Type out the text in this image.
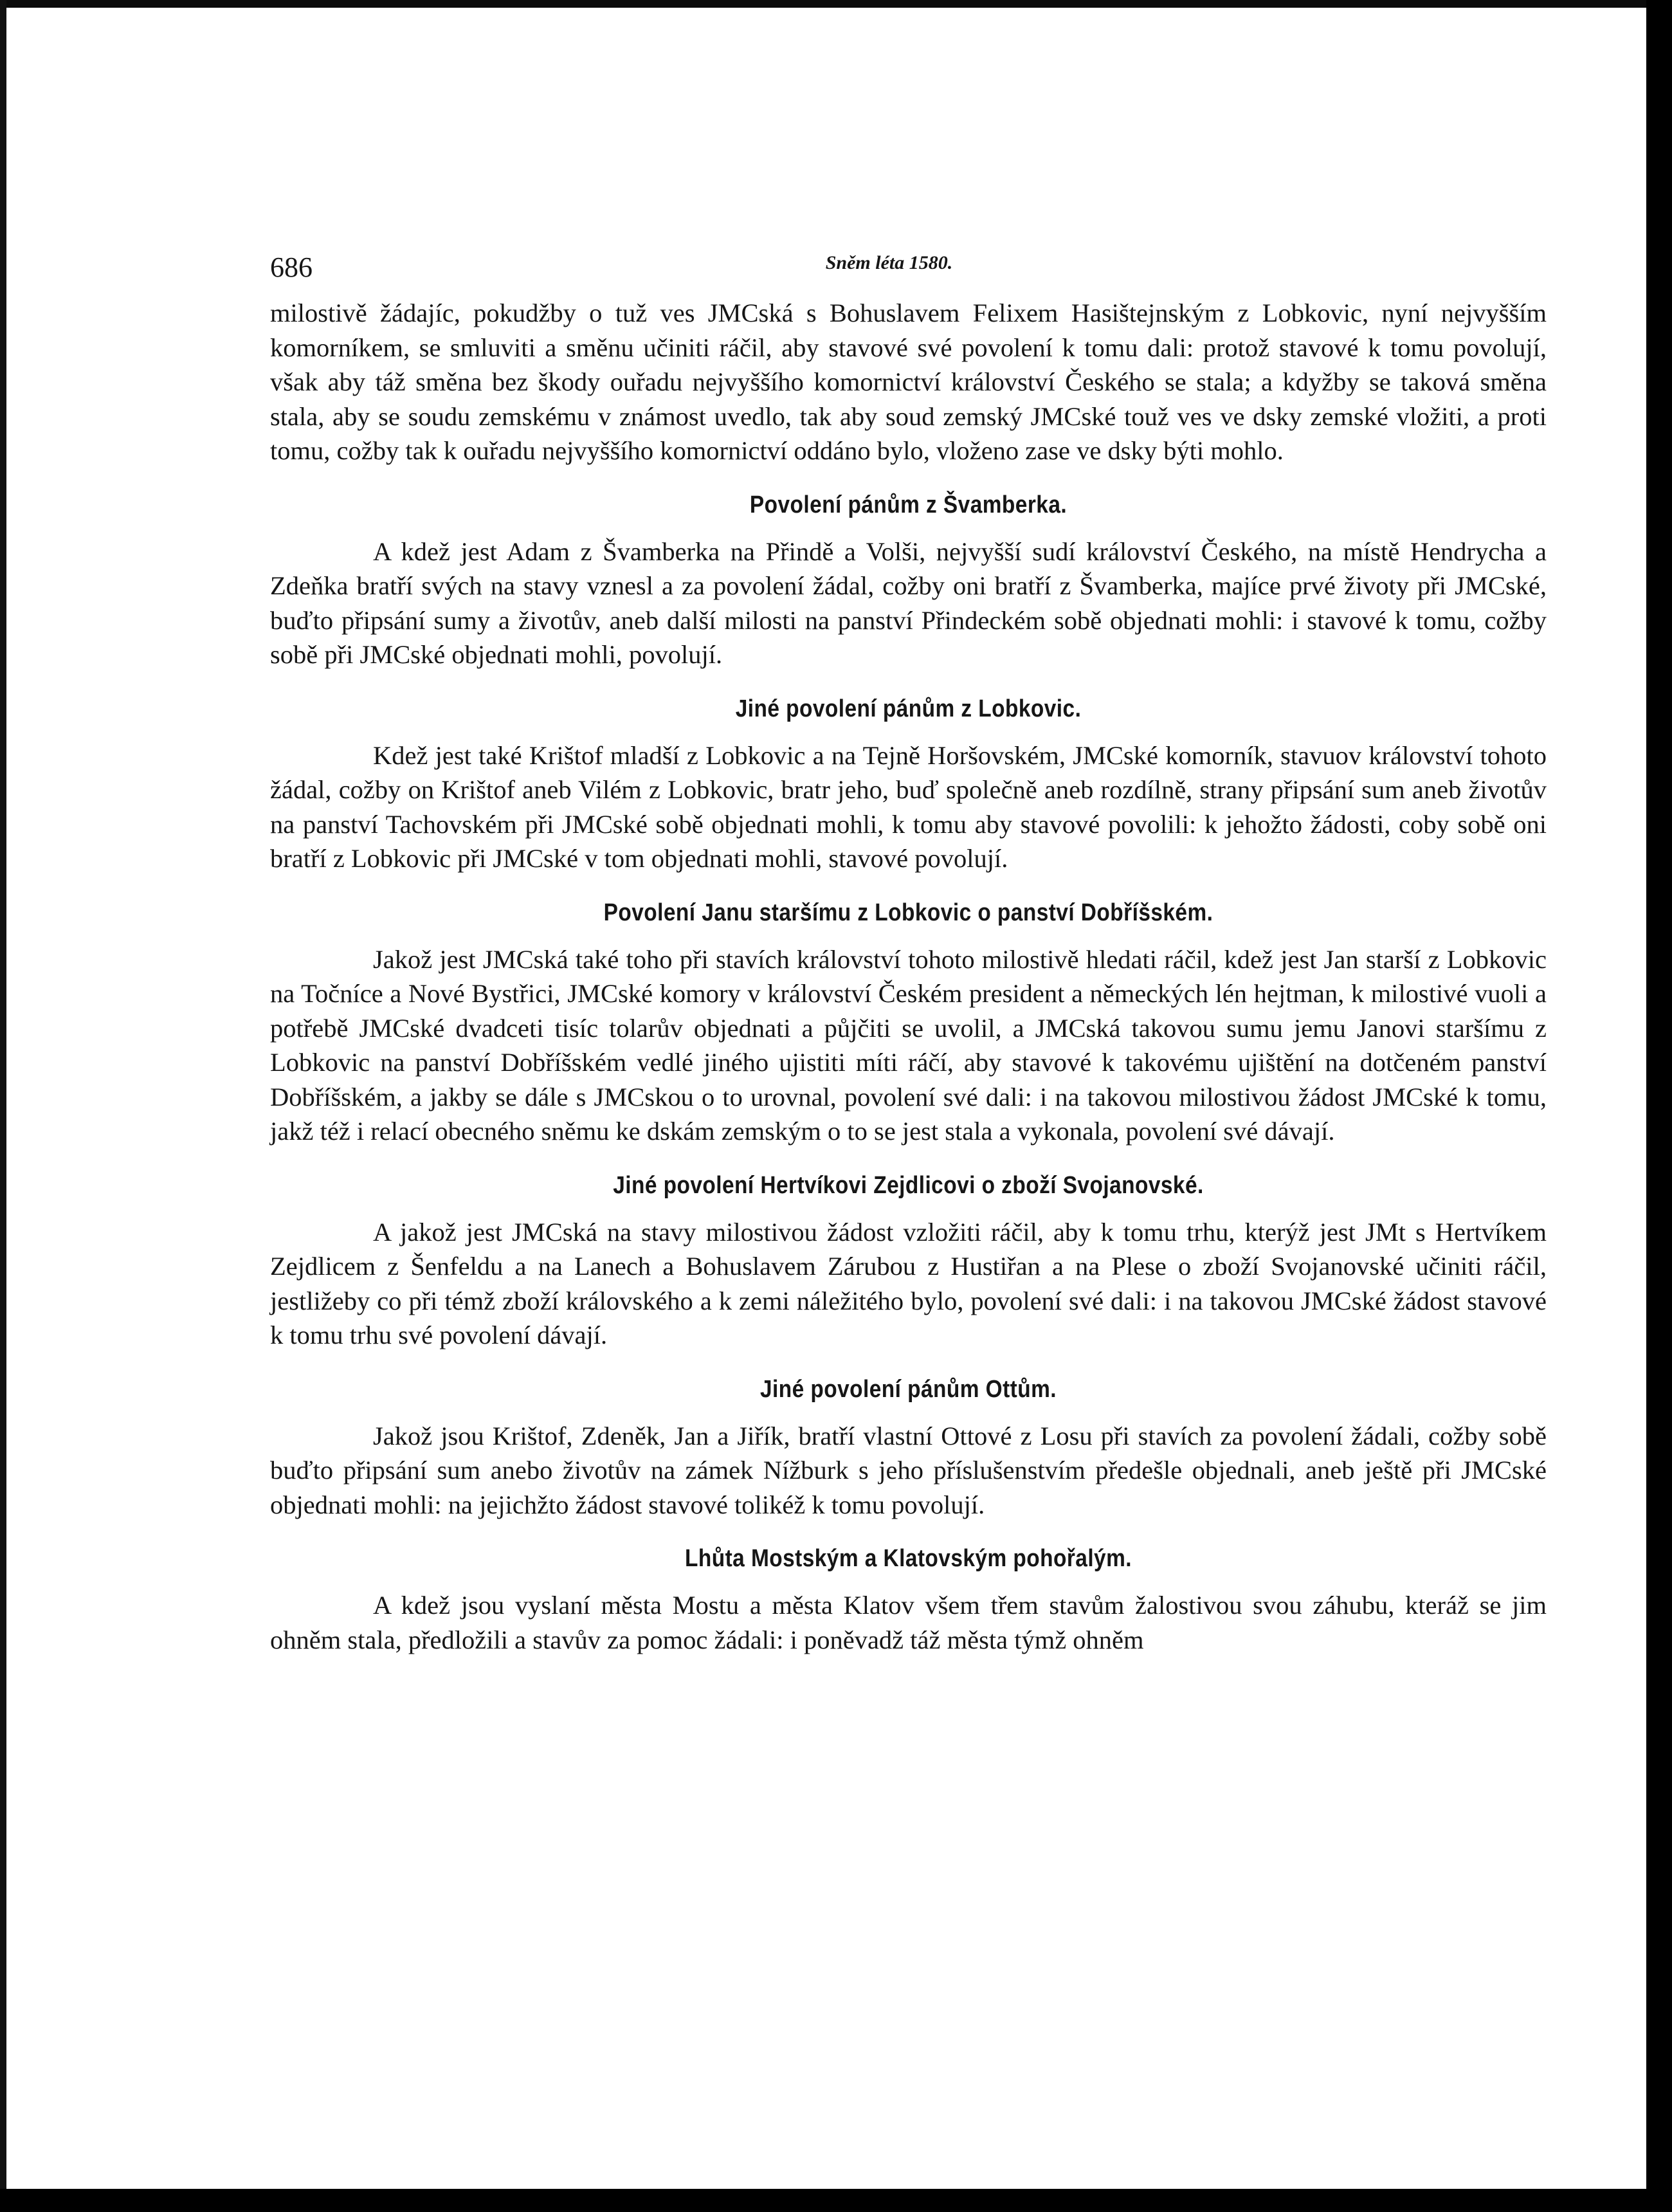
686	Sněm léta 1580.

milostivě žádajíc, pokudžby o tuž ves JMCská s Bohuslavem Felixem Hasištejnským z Lobkovic, nyní nejvyšším komorníkem, se smluviti a směnu učiniti ráčil, aby stavové své povolení k tomu dali: protož stavové k tomu povolují, však aby táž směna bez škody ouřadu nejvyššího komornictví království Českého se stala; a kdyžby se taková směna stala, aby se soudu zemskému v známost uvedlo, tak aby soud zemský JMCské touž ves ve dsky zemské vložiti, a proti tomu, cožby tak k ouřadu nejvyššího komornictví oddáno bylo, vloženo zase ve dsky býti mohlo.

Povolení pánům z Švamberka.

A kdež jest Adam z Švamberka na Přindě a Volši, nejvyšší sudí království Českého, na místě Hendrycha a Zdeňka bratří svých na stavy vznesl a za povolení žádal, cožby oni bratří z Švamberka, majíce prvé životy při JMCské, buďto připsání sumy a životův, aneb další milosti na panství Přindeckém sobě objednati mohli: i stavové k tomu, cožby sobě při JMCské objednati mohli, povolují.

Jiné povolení pánům z Lobkovic.

Kdež jest také Krištof mladší z Lobkovic a na Tejně Horšovském, JMCské komorník, stavuov království tohoto žádal, cožby on Krištof aneb Vilém z Lobkovic, bratr jeho, buď společně aneb rozdílně, strany připsání sum aneb životův na panství Tachovském při JMCské sobě objednati mohli, k tomu aby stavové povolili: k jehožto žádosti, coby sobě oni bratří z Lobkovic při JMCské v tom objednati mohli, stavové povolují.

Povolení Janu staršímu z Lobkovic o panství Dobříšském.

Jakož jest JMCská také toho při stavích království tohoto milostivě hledati ráčil, kdež jest Jan starší z Lobkovic na Točníce a Nové Bystřici, JMCské komory v království Českém president a německých lén hejtman, k milostivé vuoli a potřebě JMCské dvadceti tisíc tolarův objednati a půjčiti se uvolil, a JMCská takovou sumu jemu Janovi staršímu z Lobkovic na panství Dobříšském vedlé jiného ujistiti míti ráčí, aby stavové k takovému ujištění na dotčeném panství Dobříšském, a jakby se dále s JMCskou o to urovnal, povolení své dali: i na takovou milostivou žádost JMCské k tomu, jakž též i relací obecného sněmu ke dskám zemským o to se jest stala a vykonala, povolení své dávají.

Jiné povolení Hertvíkovi Zejdlicovi o zboží Svojanovské.

A jakož jest JMCská na stavy milostivou žádost vzložiti ráčil, aby k tomu trhu, kterýž jest JMt s Hertvíkem Zejdlicem z Šenfeldu a na Lanech a Bohuslavem Zárubou z Hustiřan a na Plese o zboží Svojanovské učiniti ráčil, jestližeby co při témž zboží královského a k zemi náležitého bylo, povolení své dali: i na takovou JMCské žádost stavové k tomu trhu své povolení dávají.

Jiné povolení pánům Ottům.

Jakož jsou Krištof, Zdeněk, Jan a Jiřík, bratří vlastní Ottové z Losu při stavích za povolení žádali, cožby sobě buďto připsání sum anebo životův na zámek Nížburk s jeho příslušenstvím předešle objednali, aneb ještě při JMCské objednati mohli: na jejichžto žádost stavové tolikéž k tomu povolují.

Lhůta Mostským a Klatovským pohořalým.

A kdež jsou vyslaní města Mostu a města Klatov všem třem stavům žalostivou svou záhubu, kteráž se jim ohněm stala, předložili a stavův za pomoc žádali: i poněvadž táž města týmž ohněm
